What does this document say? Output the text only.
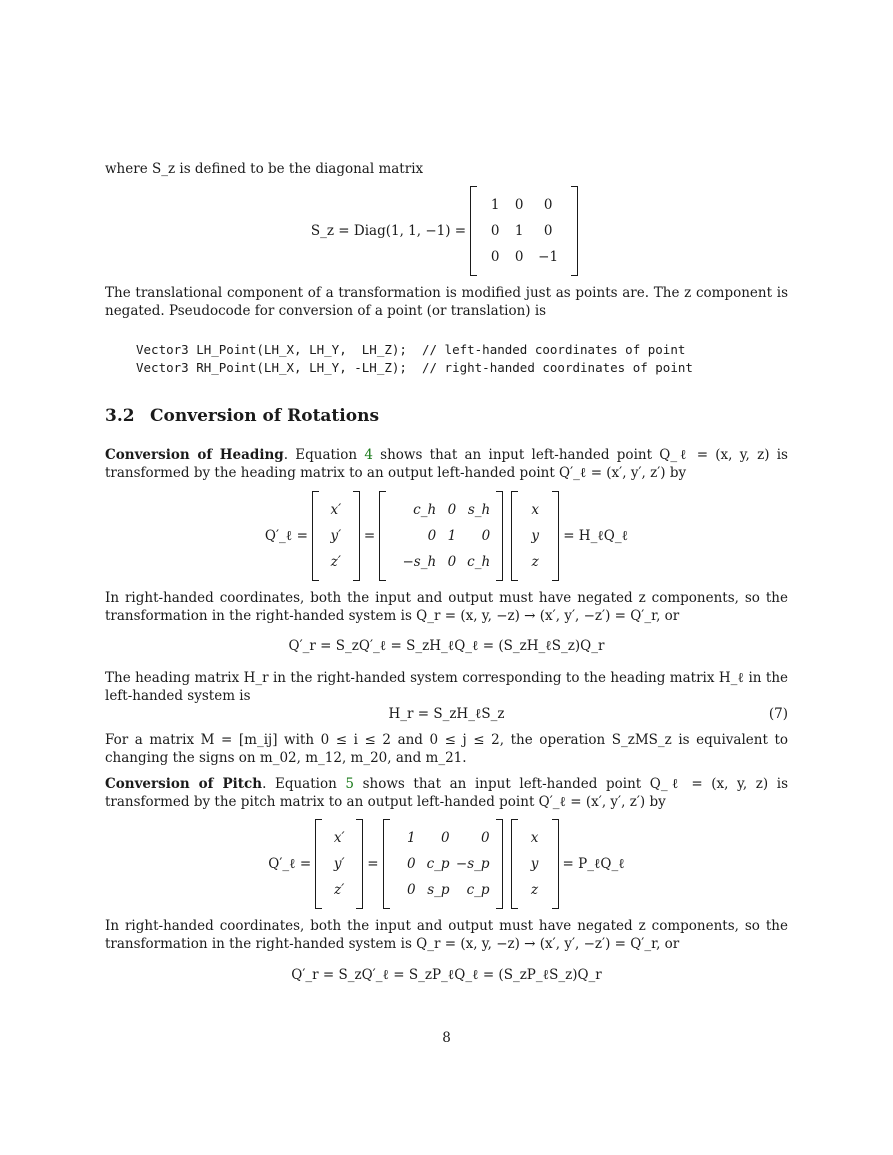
where S_z is defined to be the diagonal matrix
S_z = Diag(1, 1, −1) =
1	0	0
0	1	0
0	0	−1
The translational component of a transformation is modified just as points are. The z component is negated. Pseudocode for conversion of a point (or translation) is
Vector3 LH_Point(LH_X, LH_Y,  LH_Z);  // left-handed coordinates of point
Vector3 RH_Point(LH_X, LH_Y, -LH_Z);  // right-handed coordinates of point
3.2 Conversion of Rotations
Conversion of Heading. Equation 4 shows that an input left-handed point Q_ℓ = (x, y, z) is transformed by the heading matrix to an output left-handed point Q′_ℓ = (x′, y′, z′) by
Q′_ℓ =
x′
y′
z′
=
c_h 0 s_h
0 1	0
−s_h 0 c_h
x
y
z
= H_ℓQ_ℓ
In right-handed coordinates, both the input and output must have negated z components, so the transformation in the right-handed system is Q_r = (x, y, −z) → (x′, y′, −z′) = Q′_r, or
Q′_r = S_zQ′_ℓ = S_zH_ℓQ_ℓ = (S_zH_ℓS_z)Q_r
The heading matrix H_r in the right-handed system corresponding to the heading matrix H_ℓ in the left-handed system is
H_r = S_zH_ℓS_z	(7)
For a matrix M = [m_ij] with 0 ≤ i ≤ 2 and 0 ≤ j ≤ 2, the operation S_zMS_z is equivalent to changing the signs on m_02, m_12, m_20, and m_21.
Conversion of Pitch. Equation 5 shows that an input left-handed point Q_ℓ = (x, y, z) is transformed by the pitch matrix to an output left-handed point Q′_ℓ = (x′, y′, z′) by
Q′_ℓ =
x′
y′
z′
=
1	0	0
0 c_p −s_p
0 s_p	c_p
x
y
z
= P_ℓQ_ℓ
In right-handed coordinates, both the input and output must have negated z components, so the transformation in the right-handed system is Q_r = (x, y, −z) → (x′, y′, −z′) = Q′_r, or
Q′_r = S_zQ′_ℓ = S_zP_ℓQ_ℓ = (S_zP_ℓS_z)Q_r
8
